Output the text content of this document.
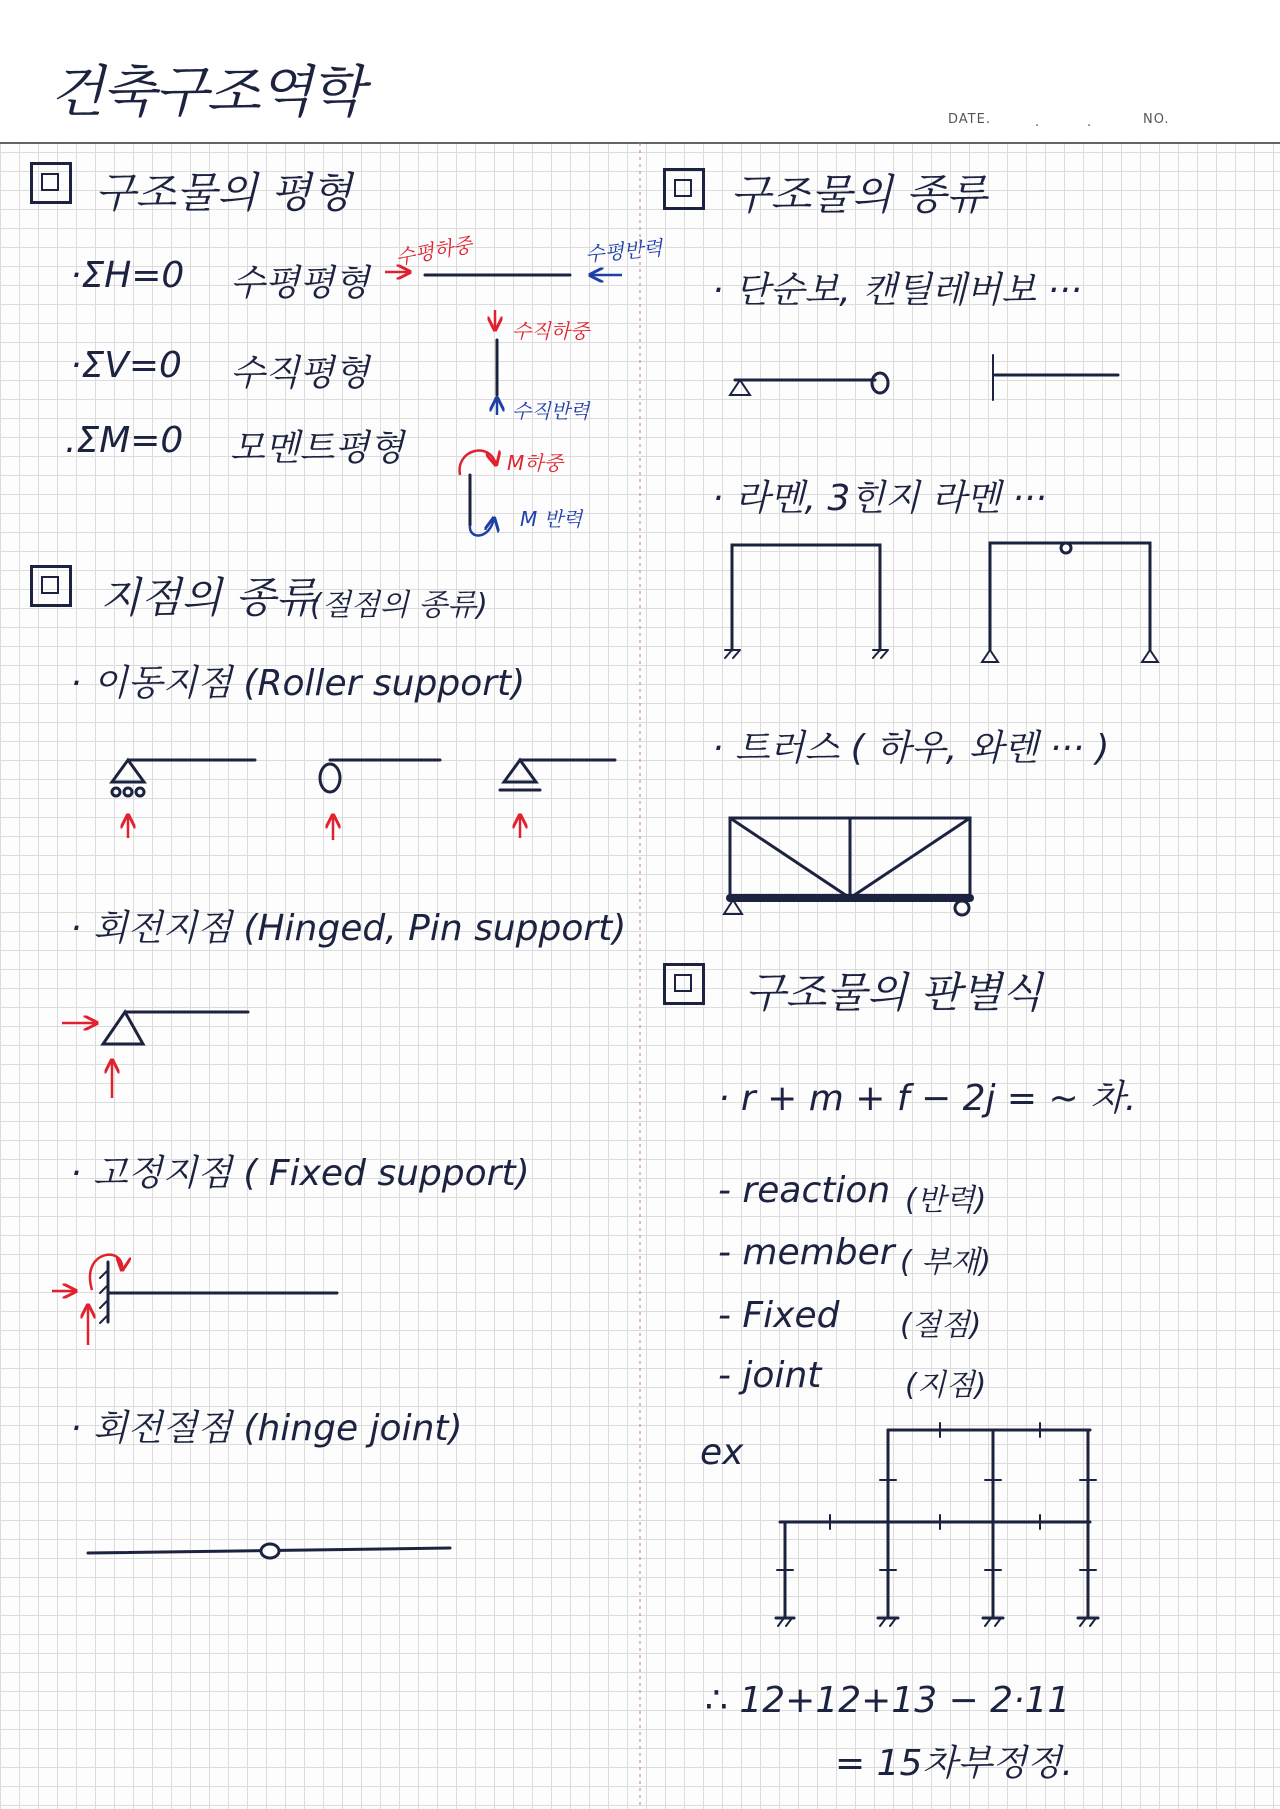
건축구조역학	DATE.	.	.	NO.
구조물의 평형
·ΣH=0 수평평형
·ΣV=0 수직평형
.ΣM=0 모멘트평형
수평하중	수평반력
수직하중
수직반력
M하중
M 반력
지점의 종류
(절점의 종류)
· 이동지점 (Roller support)
· 회전지점 (Hinged, Pin support)
· 고정지점 ( Fixed support)
· 회전절점 (hinge joint)
구조물의 종류
· 단순보, 캔틸레버보 ···
· 라멘, 3힌지 라멘 ···
· 트러스 ( 하우, 와렌 ··· )
구조물의 판별식
· r + m + f − 2j = ~ 차.
- reaction (반력)
- member ( 부재)
- Fixed (절점)
- joint	(지점)
ex
∴ 12+12+13 − 2·11
= 15차부정정.
